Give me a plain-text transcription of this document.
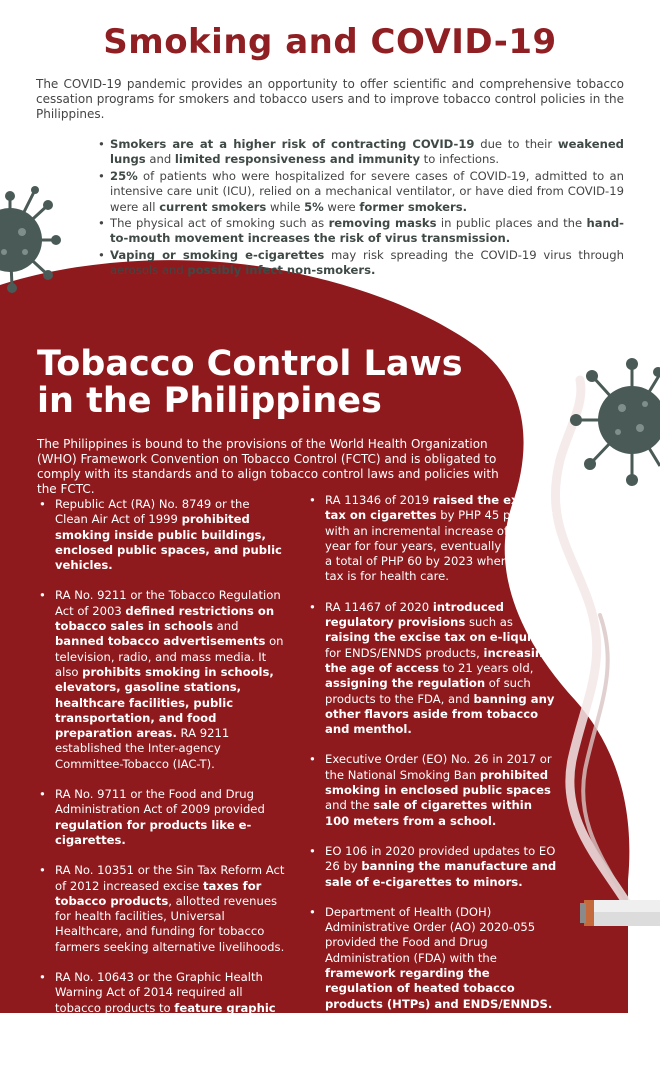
Smoking and COVID-19

The COVID-19 pandemic provides an opportunity to offer scientific and comprehensive tobacco cessation programs for smokers and tobacco users and to improve tobacco control policies in the Philippines.

• Smokers are at a higher risk of contracting COVID-19 due to their weakened lungs and limited responsiveness and immunity to infections.
• 25% of patients who were hospitalized for severe cases of COVID-19, admitted to an intensive care unit (ICU), relied on a mechanical ventilator, or have died from COVID-19 were all current smokers while 5% were former smokers.
• The physical act of smoking such as removing masks in public places and the hand-to-mouth movement increases the risk of virus transmission.
• Vaping or smoking e-cigarettes may risk spreading the COVID-19 virus through aerosols and possibly infect non-smokers.
Tobacco Control Laws
in the Philippines

The Philippines is bound to the provisions of the World Health Organization (WHO) Framework Convention on Tobacco Control (FCTC) and is obligated to comply with its standards and to align tobacco control laws and policies with the FCTC.

• Republic Act (RA) No. 8749 or the Clean Air Act of 1999 prohibited smoking inside public buildings, enclosed public spaces, and public vehicles.
• RA No. 9211 or the Tobacco Regulation Act of 2003 defined restrictions on tobacco sales in schools and banned tobacco advertisements on television, radio, and mass media. It also prohibits smoking in schools, elevators, gasoline stations, healthcare facilities, public transportation, and food preparation areas. RA 9211 established the Inter-agency Committee-Tobacco (IAC-T).
• RA No. 9711 or the Food and Drug Administration Act of 2009 provided regulation for products like e-cigarettes.
• RA No. 10351 or the Sin Tax Reform Act of 2012 increased excise taxes for tobacco products, allotted revenues for health facilities, Universal Healthcare, and funding for tobacco farmers seeking alternative livelihoods.
• RA No. 10643 or the Graphic Health Warning Act of 2014 required all tobacco products to feature graphic health warning labels about the destructive health effects of smoking and exposure to secondhand smoke.
• RA 11346 of 2019 raised the excise tax on cigarettes by PHP 45 per pack with an incremental increase of P5 per year for four years, eventually reaching a total of PHP 60 by 2023 where 50% of tax is for health care.
• RA 11467 of 2020 introduced regulatory provisions such as raising the excise tax on e-liquids for ENDS/ENNDS products, increasing the age of access to 21 years old, assigning the regulation of such products to the FDA, and banning any other flavors aside from tobacco and menthol.
• Executive Order (EO) No. 26 in 2017 or the National Smoking Ban prohibited smoking in enclosed public spaces and the sale of cigarettes within 100 meters from a school.
• EO 106 in 2020 provided updates to EO 26 by banning the manufacture and sale of e-cigarettes to minors.
• Department of Health (DOH) Administrative Order (AO) 2020-055 provided the Food and Drug Administration (FDA) with the framework regarding the regulation of heated tobacco products (HTPs) and ENDS/ENNDS.
